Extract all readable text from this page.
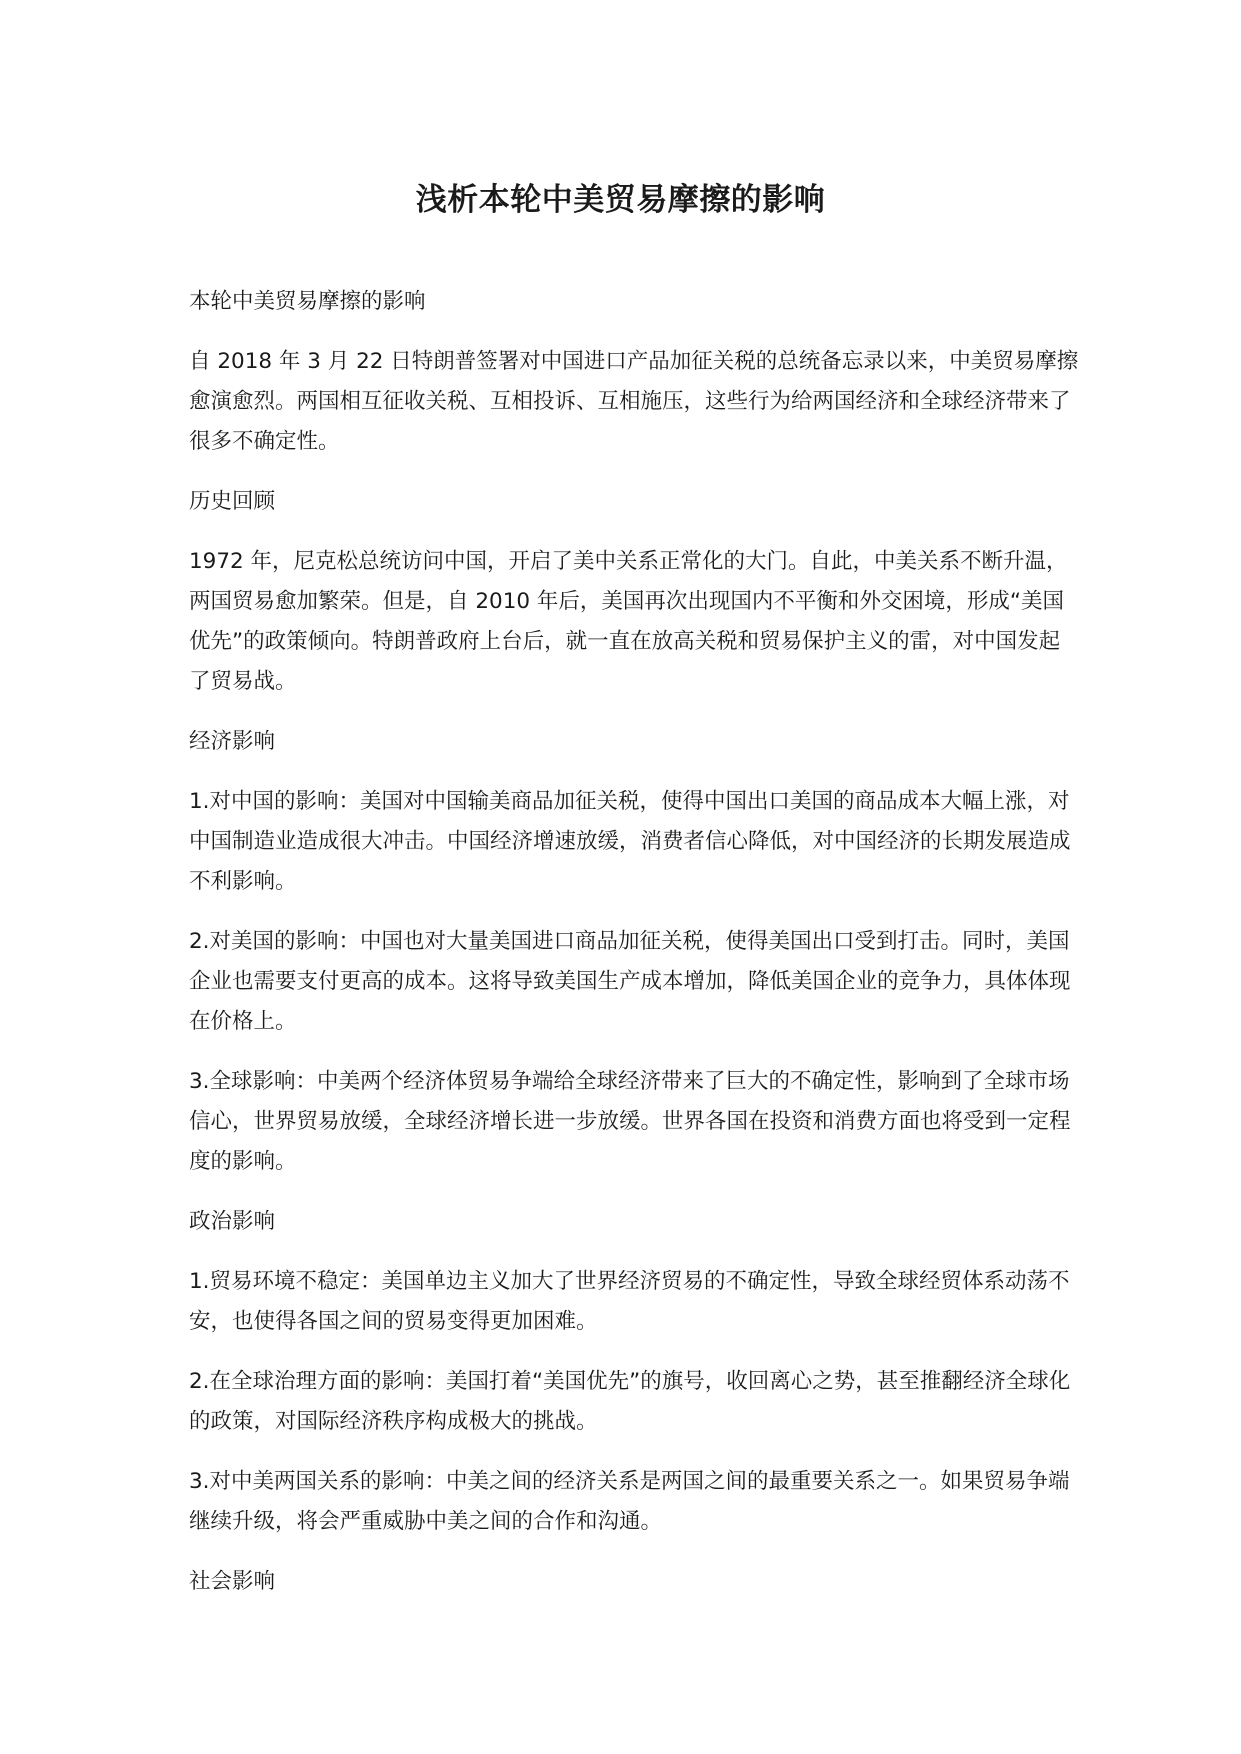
浅析本轮中美贸易摩擦的影响

本轮中美贸易摩擦的影响

自 2018 年 3 月 22 日特朗普签署对中国进口产品加征关税的总统备忘录以来，中美贸易摩擦愈演愈烈。两国相互征收关税、互相投诉、互相施压，这些行为给两国经济和全球经济带来了很多不确定性。

历史回顾

1972 年，尼克松总统访问中国，开启了美中关系正常化的大门。自此，中美关系不断升温，两国贸易愈加繁荣。但是，自 2010 年后，美国再次出现国内不平衡和外交困境，形成“美国优先”的政策倾向。特朗普政府上台后，就一直在放高关税和贸易保护主义的雷，对中国发起了贸易战。

经济影响

1.对中国的影响：美国对中国输美商品加征关税，使得中国出口美国的商品成本大幅上涨，对中国制造业造成很大冲击。中国经济增速放缓，消费者信心降低，对中国经济的长期发展造成不利影响。

2.对美国的影响：中国也对大量美国进口商品加征关税，使得美国出口受到打击。同时，美国企业也需要支付更高的成本。这将导致美国生产成本增加，降低美国企业的竞争力，具体体现在价格上。

3.全球影响：中美两个经济体贸易争端给全球经济带来了巨大的不确定性，影响到了全球市场信心，世界贸易放缓，全球经济增长进一步放缓。世界各国在投资和消费方面也将受到一定程度的影响。

政治影响

1.贸易环境不稳定：美国单边主义加大了世界经济贸易的不确定性，导致全球经贸体系动荡不安，也使得各国之间的贸易变得更加困难。

2.在全球治理方面的影响：美国打着“美国优先”的旗号，收回离心之势，甚至推翻经济全球化的政策，对国际经济秩序构成极大的挑战。

3.对中美两国关系的影响：中美之间的经济关系是两国之间的最重要关系之一。如果贸易争端继续升级，将会严重威胁中美之间的合作和沟通。

社会影响
